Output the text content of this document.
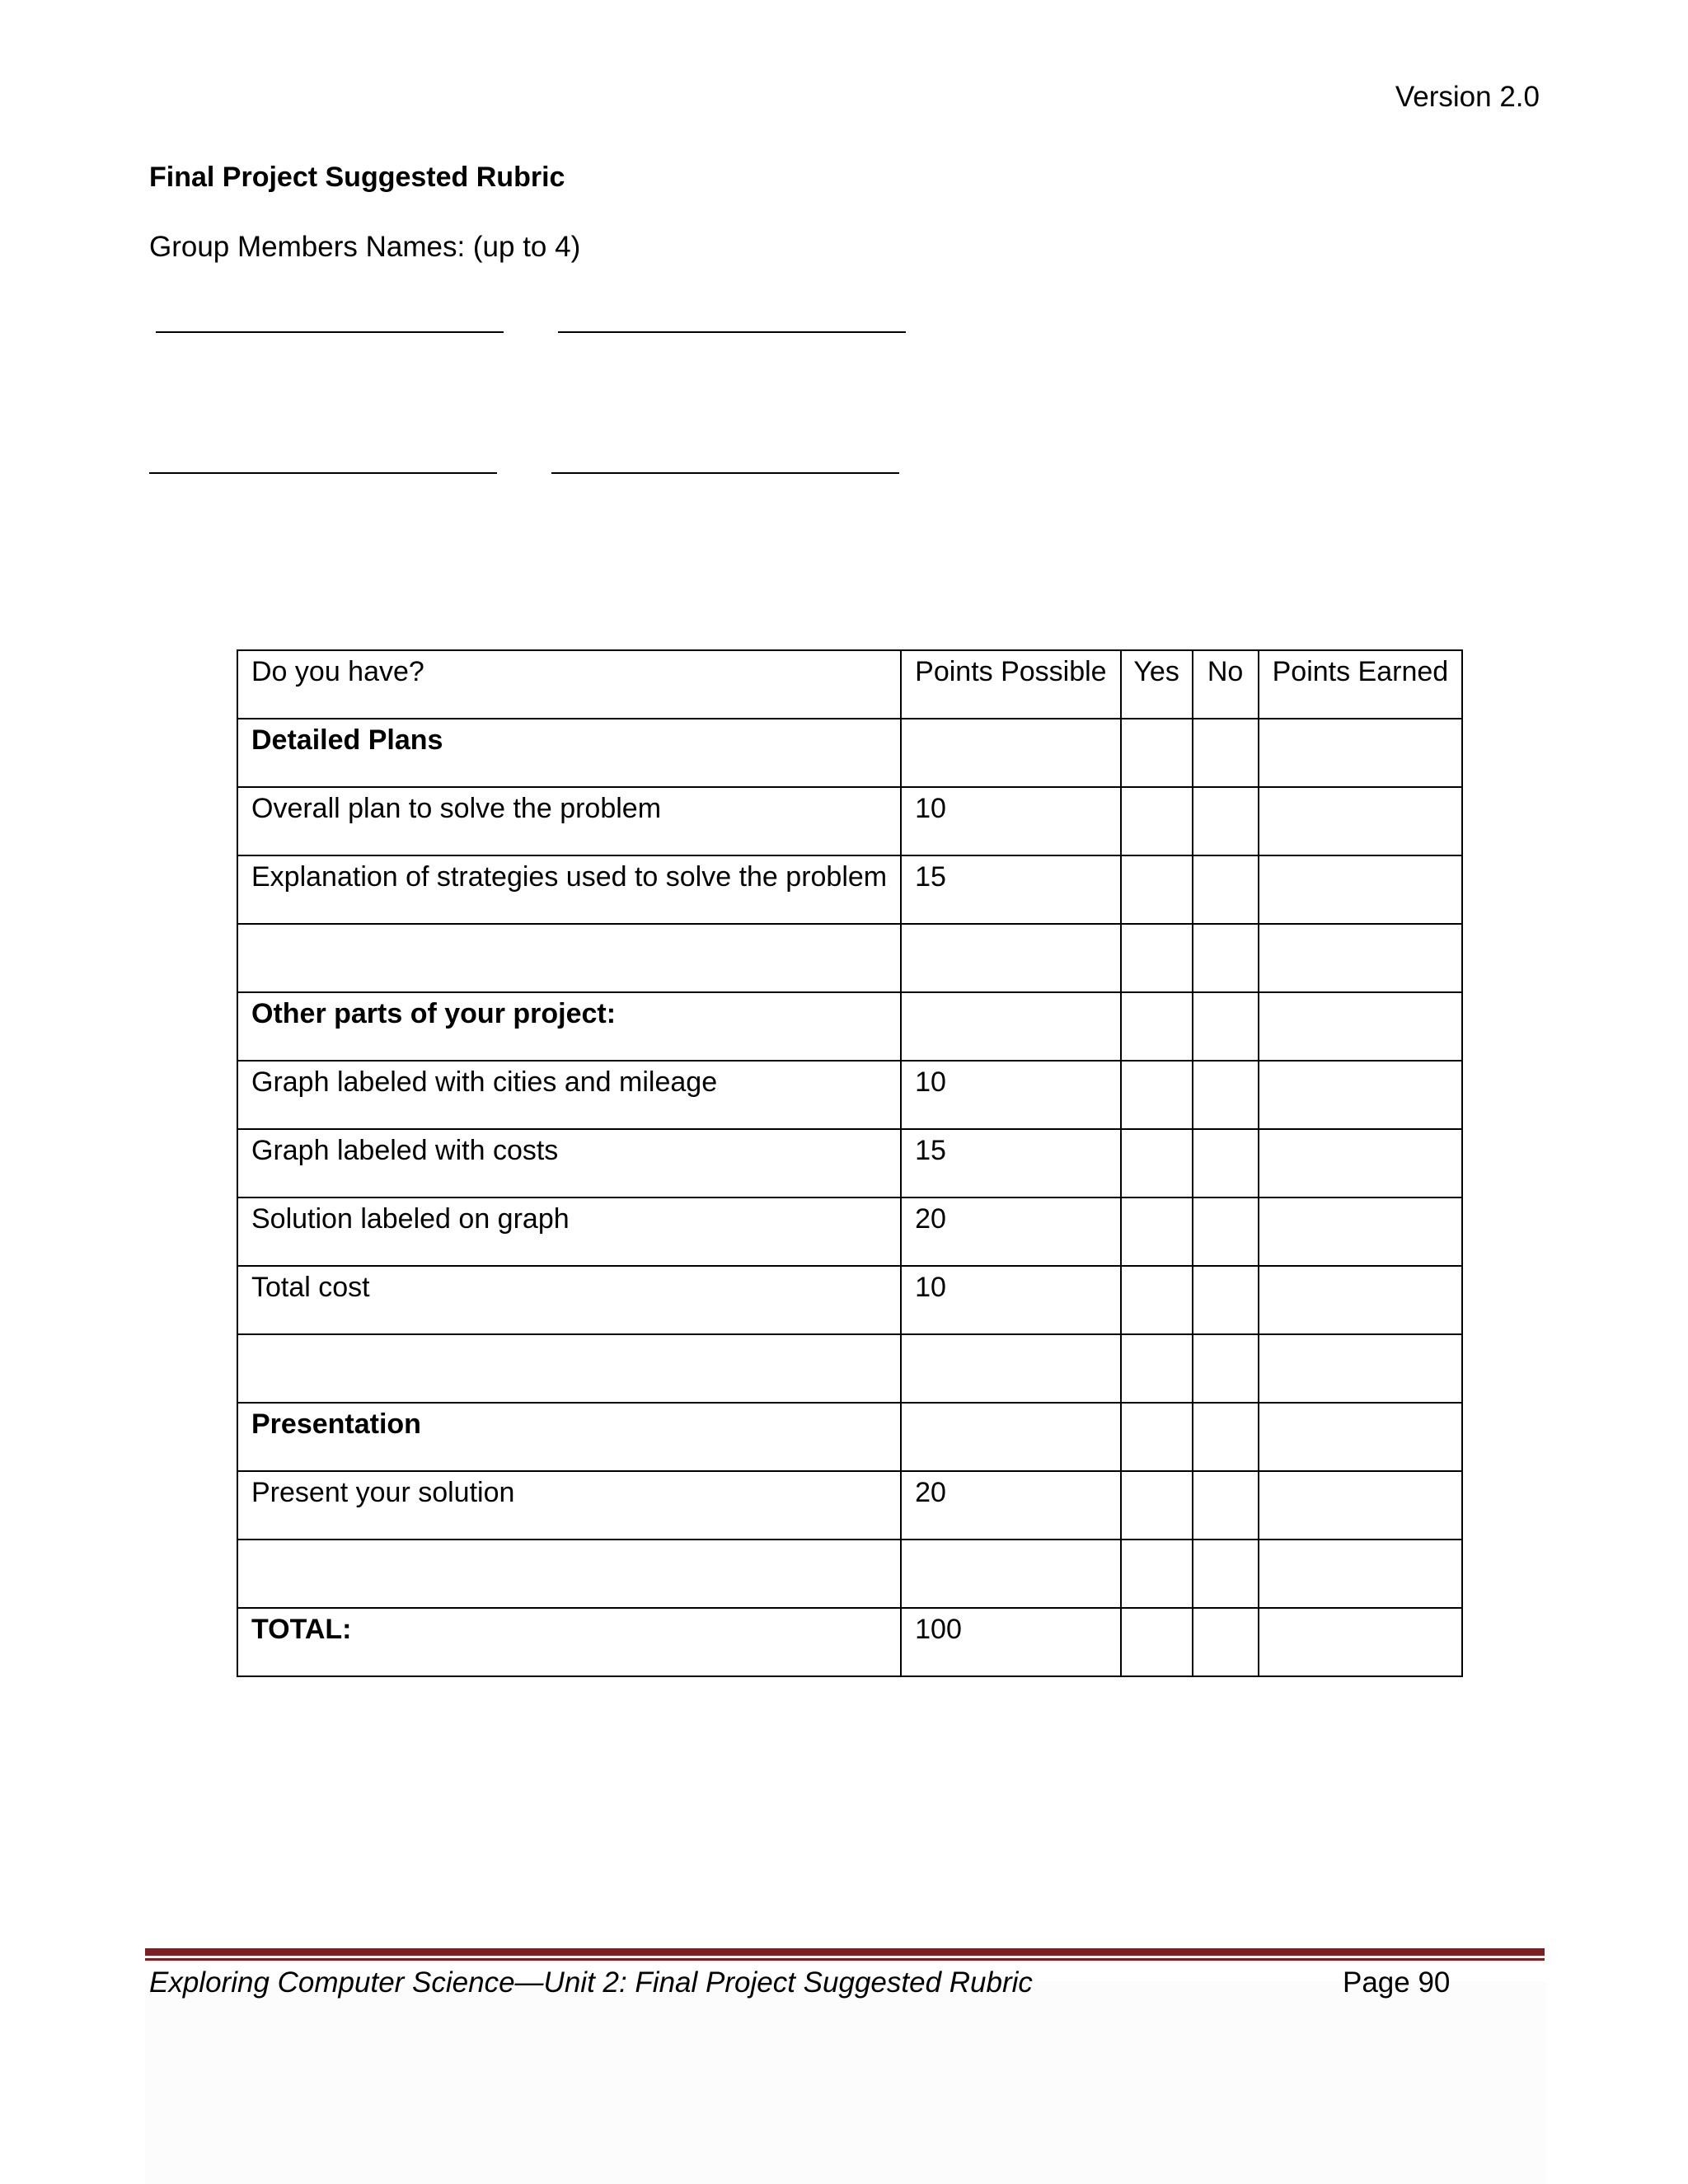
Version 2.0
Final Project Suggested Rubric
Group Members Names: (up to 4)
Do you have?	Points Possible	Yes	No	Points Earned
Detailed Plans				
Overall plan to solve the problem	10			
Explanation of strategies used to solve the problem	15			

Other parts of your project:				
Graph labeled with cities and mileage	10			
Graph labeled with costs	15			
Solution labeled on graph	20			
Total cost	10			

Presentation				
Present your solution	20			

TOTAL:	100			
Exploring Computer Science—Unit 2: Final Project Suggested Rubric	Page 90
